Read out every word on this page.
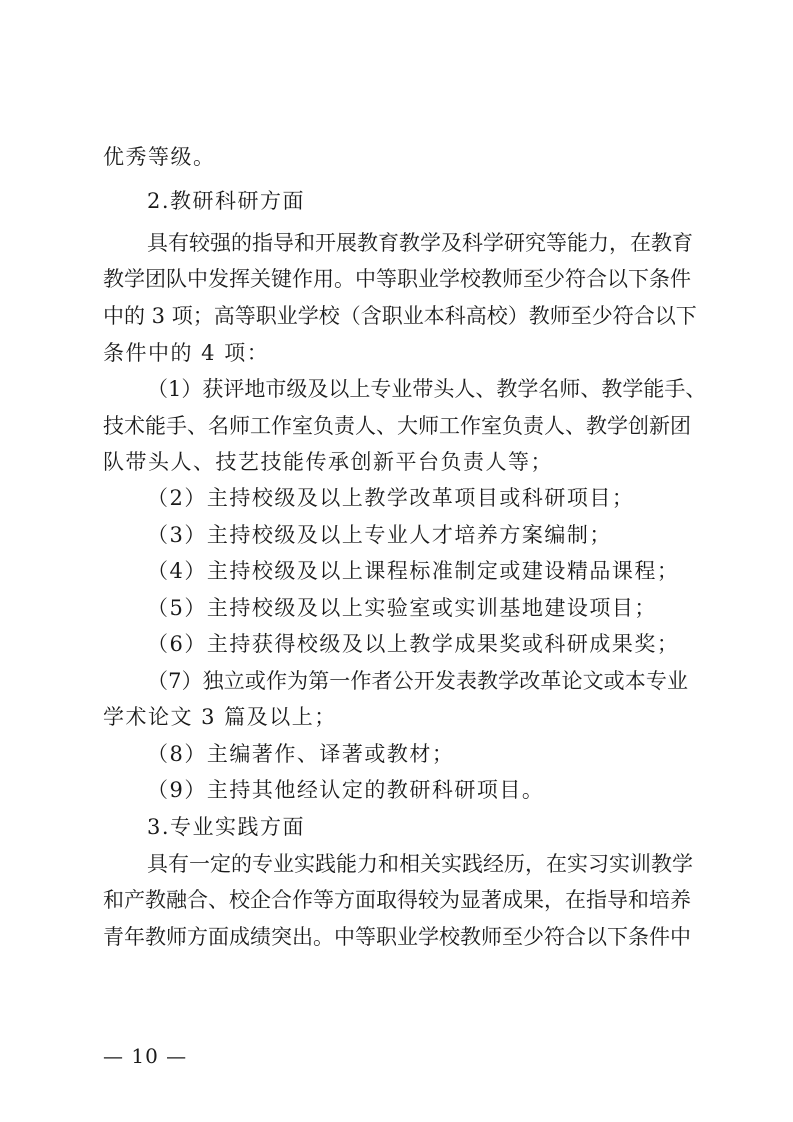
优秀等级。
2.教研科研方面
具有较强的指导和开展教育教学及科学研究等能力，在教育
教学团队中发挥关键作用。中等职业学校教师至少符合以下条件
中的 3 项；高等职业学校（含职业本科高校）教师至少符合以下
条件中的 4 项：
（1）获评地市级及以上专业带头人、教学名师、教学能手、
技术能手、名师工作室负责人、大师工作室负责人、教学创新团
队带头人、技艺技能传承创新平台负责人等；
（2）主持校级及以上教学改革项目或科研项目；
（3）主持校级及以上专业人才培养方案编制；
（4）主持校级及以上课程标准制定或建设精品课程；
（5）主持校级及以上实验室或实训基地建设项目；
（6）主持获得校级及以上教学成果奖或科研成果奖；
（7）独立或作为第一作者公开发表教学改革论文或本专业
学术论文 3 篇及以上；
（8）主编著作、译著或教材；
（9）主持其他经认定的教研科研项目。
3.专业实践方面
具有一定的专业实践能力和相关实践经历，在实习实训教学
和产教融合、校企合作等方面取得较为显著成果，在指导和培养
青年教师方面成绩突出。中等职业学校教师至少符合以下条件中
— 10 —
